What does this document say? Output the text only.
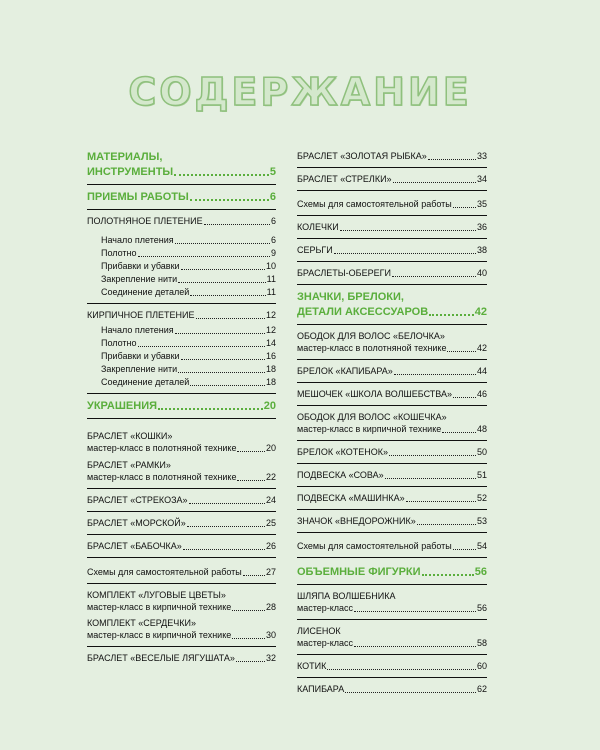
СОДЕРЖАНИЕ
МАТЕРИАЛЫ,
ИНСТРУМЕНТЫ	5
ПРИЕМЫ РАБОТЫ	6
ПОЛОТНЯНОЕ ПЛЕТЕНИЕ	6
Начало плетения	6
Полотно	9
Прибавки и убавки	10
Закрепление нити	11
Соединение деталей	11
КИРПИЧНОЕ ПЛЕТЕНИЕ	12
Начало плетения	12
Полотно	14
Прибавки и убавки	16
Закрепление нити	18
Соединение деталей	18
УКРАШЕНИЯ	20
БРАСЛЕТ «КОШКИ»
мастер-класс в полотняной технике	20
БРАСЛЕТ «РАМКИ»
мастер-класс в полотняной технике	22
БРАСЛЕТ «СТРЕКОЗА»	24
БРАСЛЕТ «МОРСКОЙ»	25
БРАСЛЕТ «БАБОЧКА»	26
Схемы для самостоятельной работы	27
КОМПЛЕКТ «ЛУГОВЫЕ ЦВЕТЫ»
мастер-класс в кирпичной технике	28
КОМПЛЕКТ «СЕРДЕЧКИ»
мастер-класс в кирпичной технике	30
БРАСЛЕТ «ВЕСЕЛЫЕ ЛЯГУШАТА»	32
БРАСЛЕТ «ЗОЛОТАЯ РЫБКА»	33
БРАСЛЕТ «СТРЕЛКИ»	34
Схемы для самостоятельной работы	35
КОЛЕЧКИ	36
СЕРЬГИ	38
БРАСЛЕТЫ-ОБЕРЕГИ	40
ЗНАЧКИ, БРЕЛОКИ,
ДЕТАЛИ АКСЕССУАРОВ	42
ОБОДОК ДЛЯ ВОЛОС «БЕЛОЧКА»
мастер-класс в полотняной технике	42
БРЕЛОК «КАПИБАРА»	44
МЕШОЧЕК «ШКОЛА ВОЛШЕБСТВА»	46
ОБОДОК ДЛЯ ВОЛОС «КОШЕЧКА»
мастер-класс в кирпичной технике	48
БРЕЛОК «КОТЕНОК»	50
ПОДВЕСКА «СОВА»	51
ПОДВЕСКА «МАШИНКА»	52
ЗНАЧОК «ВНЕДОРОЖНИК»	53
Схемы для самостоятельной работы	54
ОБЪЕМНЫЕ ФИГУРКИ	56
ШЛЯПА ВОЛШЕБНИКА
мастер-класс	56
ЛИСЕНОК
мастер-класс	58
КОТИК	60
КАПИБАРА	62
